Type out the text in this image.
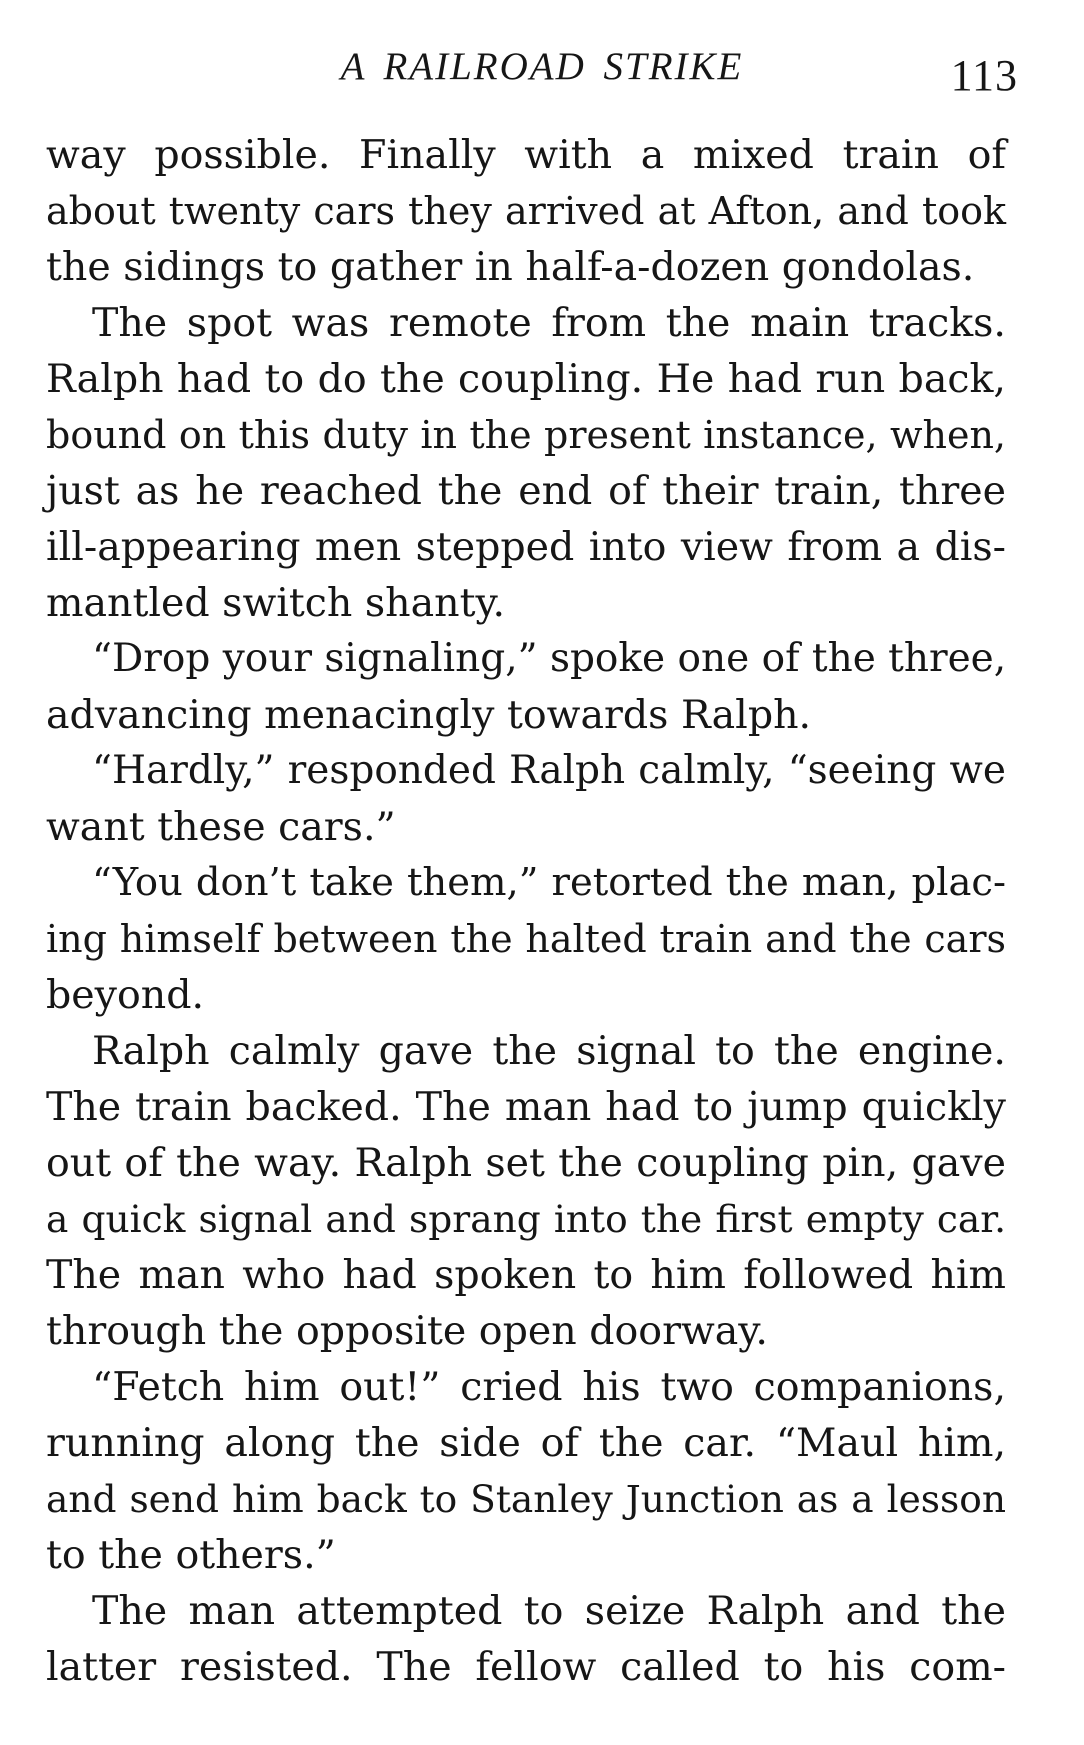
A RAILROAD STRIKE	113
way possible. Finally with a mixed train of
about twenty cars they arrived at Afton, and took
the sidings to gather in half-a-dozen gondolas.
The spot was remote from the main tracks.
Ralph had to do the coupling. He had run back,
bound on this duty in the present instance, when,
just as he reached the end of their train, three
ill-appearing men stepped into view from a dis-
mantled switch shanty.
“Drop your signaling,” spoke one of the three,
advancing menacingly towards Ralph.
“Hardly,” responded Ralph calmly, “seeing we
want these cars.”
“You don’t take them,” retorted the man, plac-
ing himself between the halted train and the cars
beyond.
Ralph calmly gave the signal to the engine.
The train backed. The man had to jump quickly
out of the way. Ralph set the coupling pin, gave
a quick signal and sprang into the first empty car.
The man who had spoken to him followed him
through the opposite open doorway.
“Fetch him out!” cried his two companions,
running along the side of the car. “Maul him,
and send him back to Stanley Junction as a lesson
to the others.”
The man attempted to seize Ralph and the
latter resisted. The fellow called to his com-
